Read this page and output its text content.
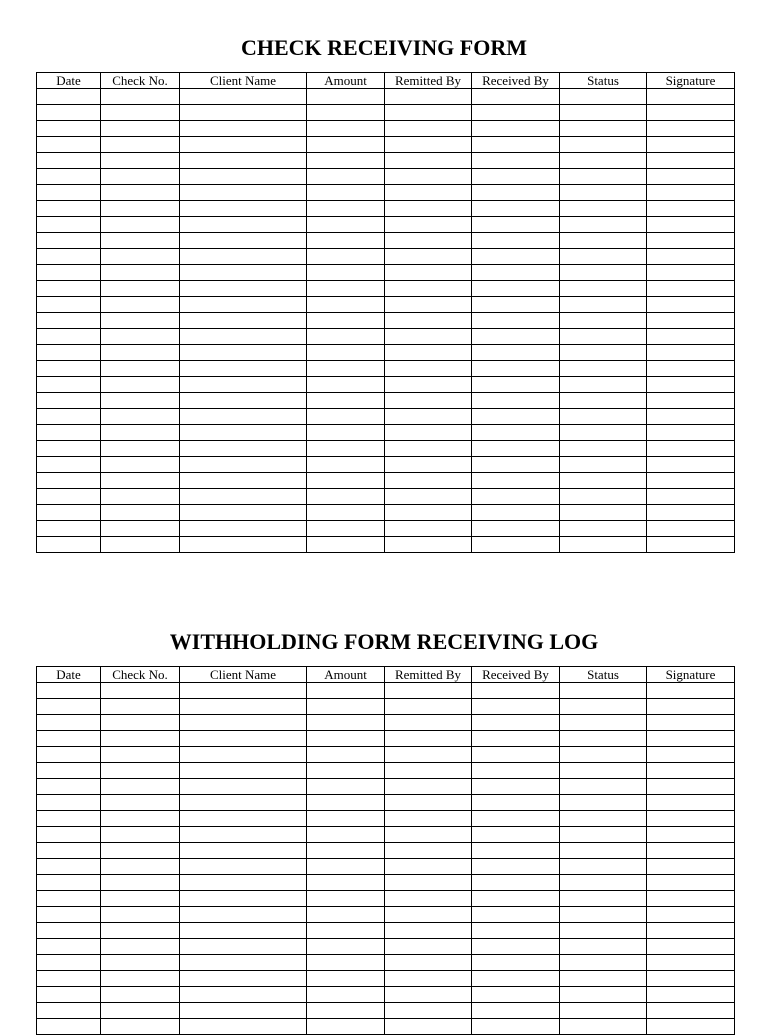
CHECK RECEIVING FORM
Date	Check No.	Client Name	Amount	Remitted By	Received By	Status	Signature

WITHHOLDING FORM RECEIVING LOG
Date	Check No.	Client Name	Amount	Remitted By	Received By	Status	Signature
